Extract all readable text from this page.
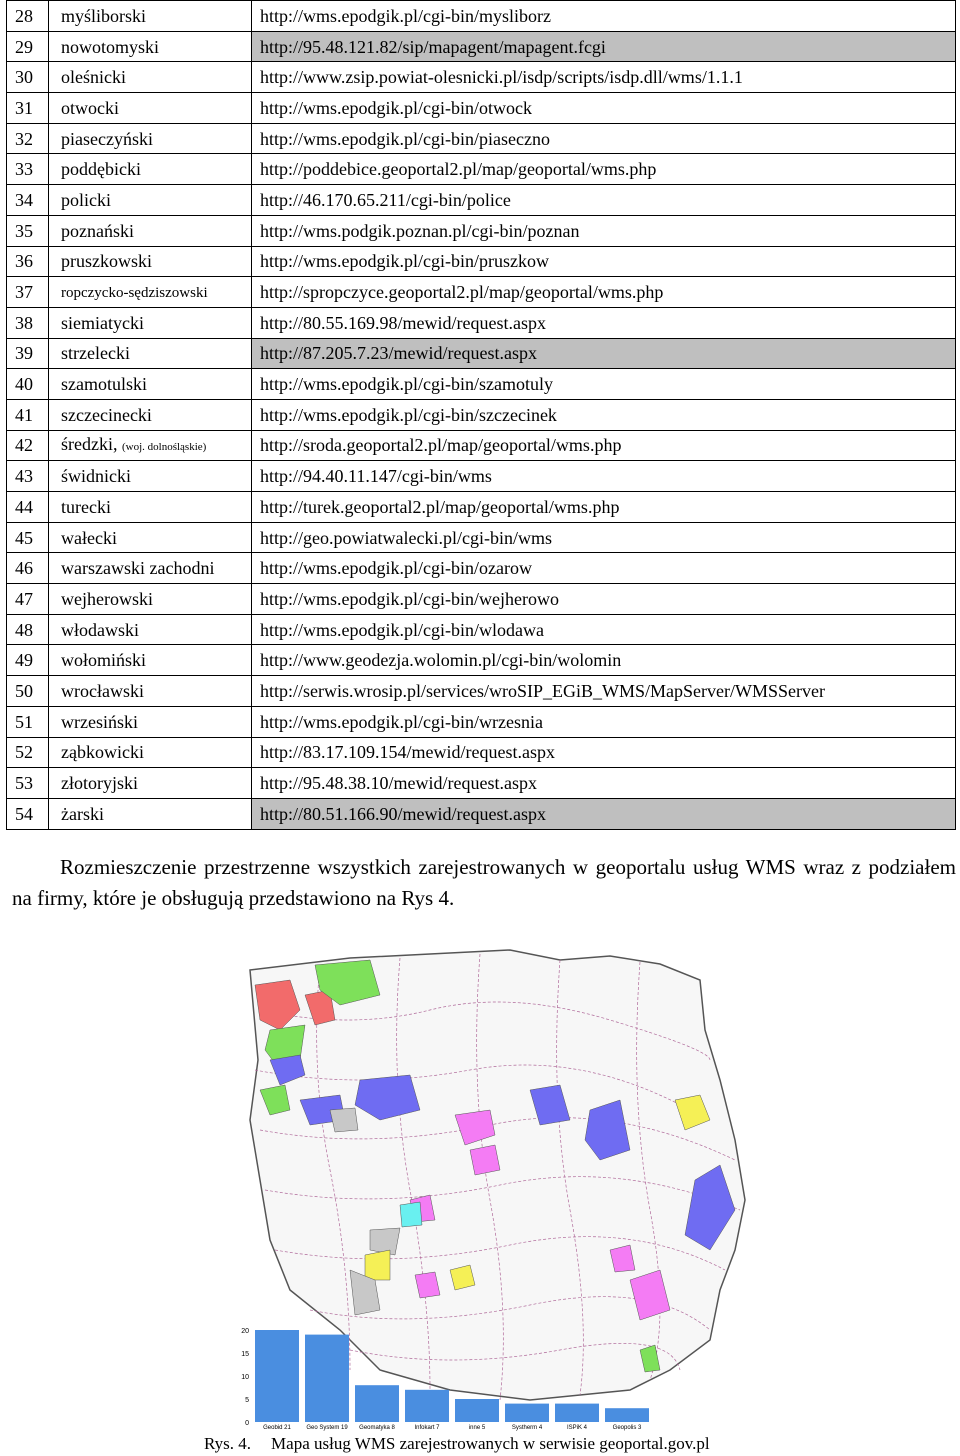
28	myśliborski	http://wms.epodgik.pl/cgi-bin/mysliborz
29	nowotomyski	http://95.48.121.82/sip/mapagent/mapagent.fcgi
30	oleśnicki	http://www.zsip.powiat-olesnicki.pl/isdp/scripts/isdp.dll/wms/1.1.1
31	otwocki	http://wms.epodgik.pl/cgi-bin/otwock
32	piaseczyński	http://wms.epodgik.pl/cgi-bin/piaseczno
33	poddębicki	http://poddebice.geoportal2.pl/map/geoportal/wms.php
34	policki	http://46.170.65.211/cgi-bin/police
35	poznański	http://wms.podgik.poznan.pl/cgi-bin/poznan
36	pruszkowski	http://wms.epodgik.pl/cgi-bin/pruszkow
37	ropczycko-sędziszowski	http://spropczyce.geoportal2.pl/map/geoportal/wms.php
38	siemiatycki	http://80.55.169.98/mewid/request.aspx
39	strzelecki	http://87.205.7.23/mewid/request.aspx
40	szamotulski	http://wms.epodgik.pl/cgi-bin/szamotuly
41	szczecinecki	http://wms.epodgik.pl/cgi-bin/szczecinek
42	średzki, (woj. dolnośląskie)	http://sroda.geoportal2.pl/map/geoportal/wms.php
43	świdnicki	http://94.40.11.147/cgi-bin/wms
44	turecki	http://turek.geoportal2.pl/map/geoportal/wms.php
45	wałecki	http://geo.powiatwalecki.pl/cgi-bin/wms
46	warszawski zachodni	http://wms.epodgik.pl/cgi-bin/ozarow
47	wejherowski	http://wms.epodgik.pl/cgi-bin/wejherowo
48	włodawski	http://wms.epodgik.pl/cgi-bin/wlodawa
49	wołomiński	http://www.geodezja.wolomin.pl/cgi-bin/wolomin
50	wrocławski	http://serwis.wrosip.pl/services/wroSIP_EGiB_WMS/MapServer/WMSServer
51	wrzesiński	http://wms.epodgik.pl/cgi-bin/wrzesnia
52	ząbkowicki	http://83.17.109.154/mewid/request.aspx
53	złotoryjski	http://95.48.38.10/mewid/request.aspx
54	żarski	http://80.51.166.90/mewid/request.aspx
Rozmieszczenie przestrzenne wszystkich zarejestrowanych w geoportalu usług WMS wraz z podziałem na firmy, które je obsługują przedstawiono na Rys 4.
0
5
10
15
20
Geobid 21	Geo System 19 Geomatyka 8	Infokart 7	inne 5	Systherm 4	ISPiK 4	Geopolis 3
Rys. 4. Mapa usług WMS zarejestrowanych w serwisie geoportal.gov.pl
